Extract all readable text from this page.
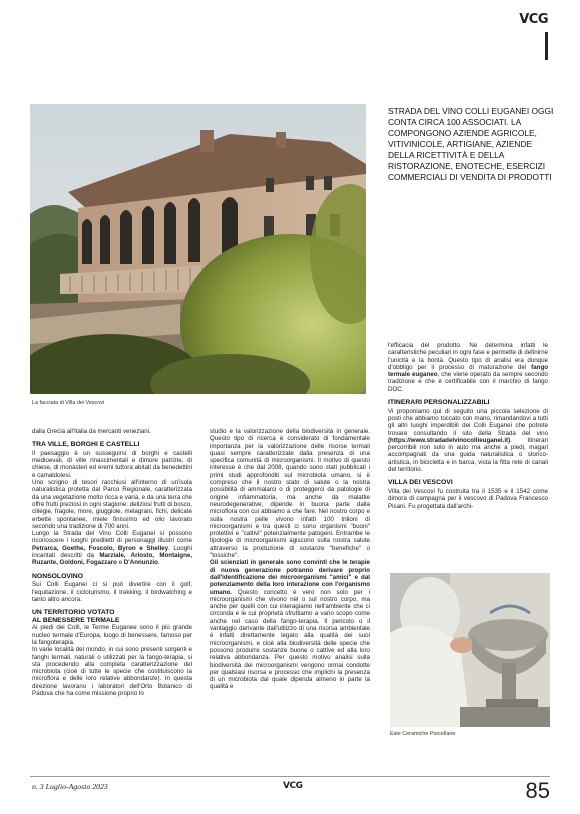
VCG
STRADA DEL VINO COLLI EUGANEI OGGI CONTA CIRCA 100 ASSOCIATI. LA COMPONGONO AZIENDE AGRICOLE, VITIVINICOLE, ARTIGIANE, AZIENDE DELLA RICETTIVITÀ E DELLA RISTORAZIONE, ENOTECHE, ESERCIZI COMMERCIALI DI VENDITA DI PRODOTTI
La facciata di Villa dei Vescovi

dalla Grecia all'Italia da mercanti veneziani.

TRA VILLE, BORGHI E CASTELLI

Il paesaggio è un susseguirsi di borghi e castelli medioevali, di ville rinascimentali e dimore patrizie, di chiese, di monasteri ed eremi tuttora abitati da benedettini e camaldolesi.

Uno scrigno di tesori racchiusi all'interno di un'isola naturalistica protetta dal Parco Regionale, caratterizzata da una vegetazione molto ricca e varia, e da una terra che offre frutti preziosi in ogni stagione: deliziosi frutti di bosco, ciliegie, fragole, more, giuggiole, melagrani, fichi, delicate erbette spontanee, miele finissimo ed olio lavorato secondo una tradizione di 700 anni.

Lungo la Strada del Vino Colli Euganei si possono riconoscere i luoghi prediletti di personaggi illustri come Petrarca, Goethe, Foscolo, Byron e Shelley. Luoghi incantati descritti da Marziale, Ariosto, Montaigne, Ruzante, Goldoni, Fogazzaro e D'Annunzio.

NONSOLOVINO

Sui Colli Euganei ci si può divertire con il golf, l'equitazione, il cicloturismo, il trekking, il birdwatching e tanto altro ancora.

UN TERRITORIO VOTATO
AL BENESSERE TERMALE

Ai piedi dei Colli, le Terme Euganee sono il più grande nucleo termale d'Europa, luogo di benessere, famoso per la fangoterapia.

In varie località del mondo, in cui sono presenti sorgenti e fanghi termali, naturali o utilizzati per la fango-terapia, si sta procedendo alla completa caratterizzazione del microbiota (cioè di tutte le specie che costituiscono la microflora e delle loro relative abbondanze). In questa direzione lavorano i laboratori dell'Orto Botanico di Padova che ha come missione proprio lo

studio e la valorizzazione della biodiversità in generale. Questo tipo di ricerca è considerato di fondamentale importanza per la valorizzazione delle risorse termali quasi sempre caratterizzate dalla presenza di una specifica comunità di microorganismi. Il motivo di questo interesse è che dal 2008, quando sono stati pubblicati i primi studi approfonditi sul microbiota umano, si è compreso che il nostro stato di salute o la nostra possibilità di ammalarci o di proteggerci da patologie di origine infiammatoria, ma anche da malattie neurodegenerative, dipende in buona parte dalla microflora con cui abbiamo a che fare. Nel nostro corpo e sulla nostra pelle vivono infatti 100 trilioni di microorganismi e tra questi ci sono organismi "buoni" protettivi e "cattivi" potenzialmente patogeni. Entrambe le tipologie di microorganismi agiscono sulla nostra salute attraverso la produzione di sostanze "benefiche" o "tossiche".

Gli scienziati in generale sono convinti che le terapie di nuova generazione potranno derivare proprio dall'identificazione dei microorganismi "amici" e dal potenziamento della loro interazione con l'organismo umano. Questo concetto è vero non solo per i microorganismi che vivono nel o sul nostro corpo, ma anche per quelli con cui interagiamo nell'ambiente che ci circonda e le cui proprietà sfruttiamo a vario scopo come anche nel caso della fango-terapia. Il pericolo o il vantaggio derivante dall'utilizzo di una risorsa ambientale è infatti direttamente legato alla qualità dei suoi microorganismi, e cioè alla biodiversità delle specie che possono produrre sostanze buone o cattive ed alla loro relativa abbondanza. Per questo motivo analisi sulla biodiversità dei microorganismi vengono ormai condotte per qualsiasi risorsa e processo che implichi la presenza di un microbiota dal quale dipenda almeno in parte la qualità e

l'efficacia del prodotto. Ne determina infatti le caratteristiche peculiari in ogni fase e permette di definirne l'unicità e la bontà. Questo tipo di analisi era dunque d'obbligo per il processo di maturazione del fango termale euganeo, che viene operato da sempre secondo tradizione e che è certificabile con il marchio di fango DOC.

ITINERARI PERSONALIZZABILI

Vi proponiamo qui di seguito una piccola selezione di posti che abbiamo toccato con mano, rimandandovi a tutti gli altri luoghi imperdibili dei Colli Euganei che potrete trovare consultando il sito della Strada del vino (https://www.stradadelvinocollieuganei.it). Itinerari percorribili non solo in auto ma anche a piedi, magari accompagnati da una guida naturalistica o storico-artistica, in bicicletta e in barca, vista la fitta rete di canali del territorio.

VILLA DEI VESCOVI

Villa dei Vescovi fu costruita tra il 1535 e il 1542 come dimora di campagna per il vescovo di Padova Francesco Pisani. Fu progettata dall'archi-

Este Ceramiche Porcellane
n. 3 Luglio-Agosto 2023	VCG	85
